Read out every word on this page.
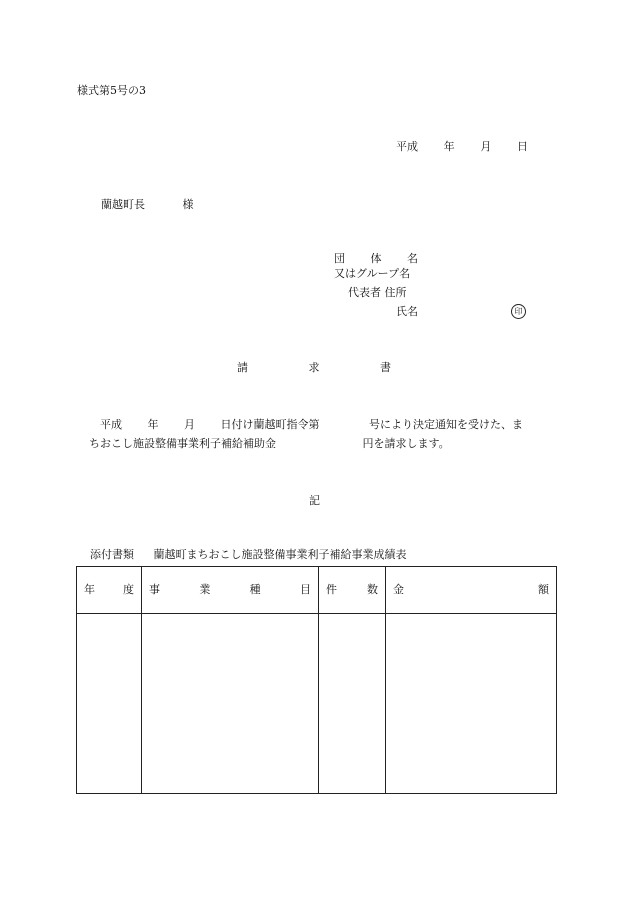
様式第5号の3
平成 年 月 日
蘭越町長	様
団 体 名
又はグループ名
代表者 住所
氏名	印
請	求	書
平成 年 月 日付け蘭越町指令第	号により決定通知を受けた、ま
ちおこし施設整備事業利子補給補助金	円を請求します。
記
添付書類 蘭越町まちおこし施設整備事業利子補給事業成績表
年 度	事 業 種 目	件 数	金 額
